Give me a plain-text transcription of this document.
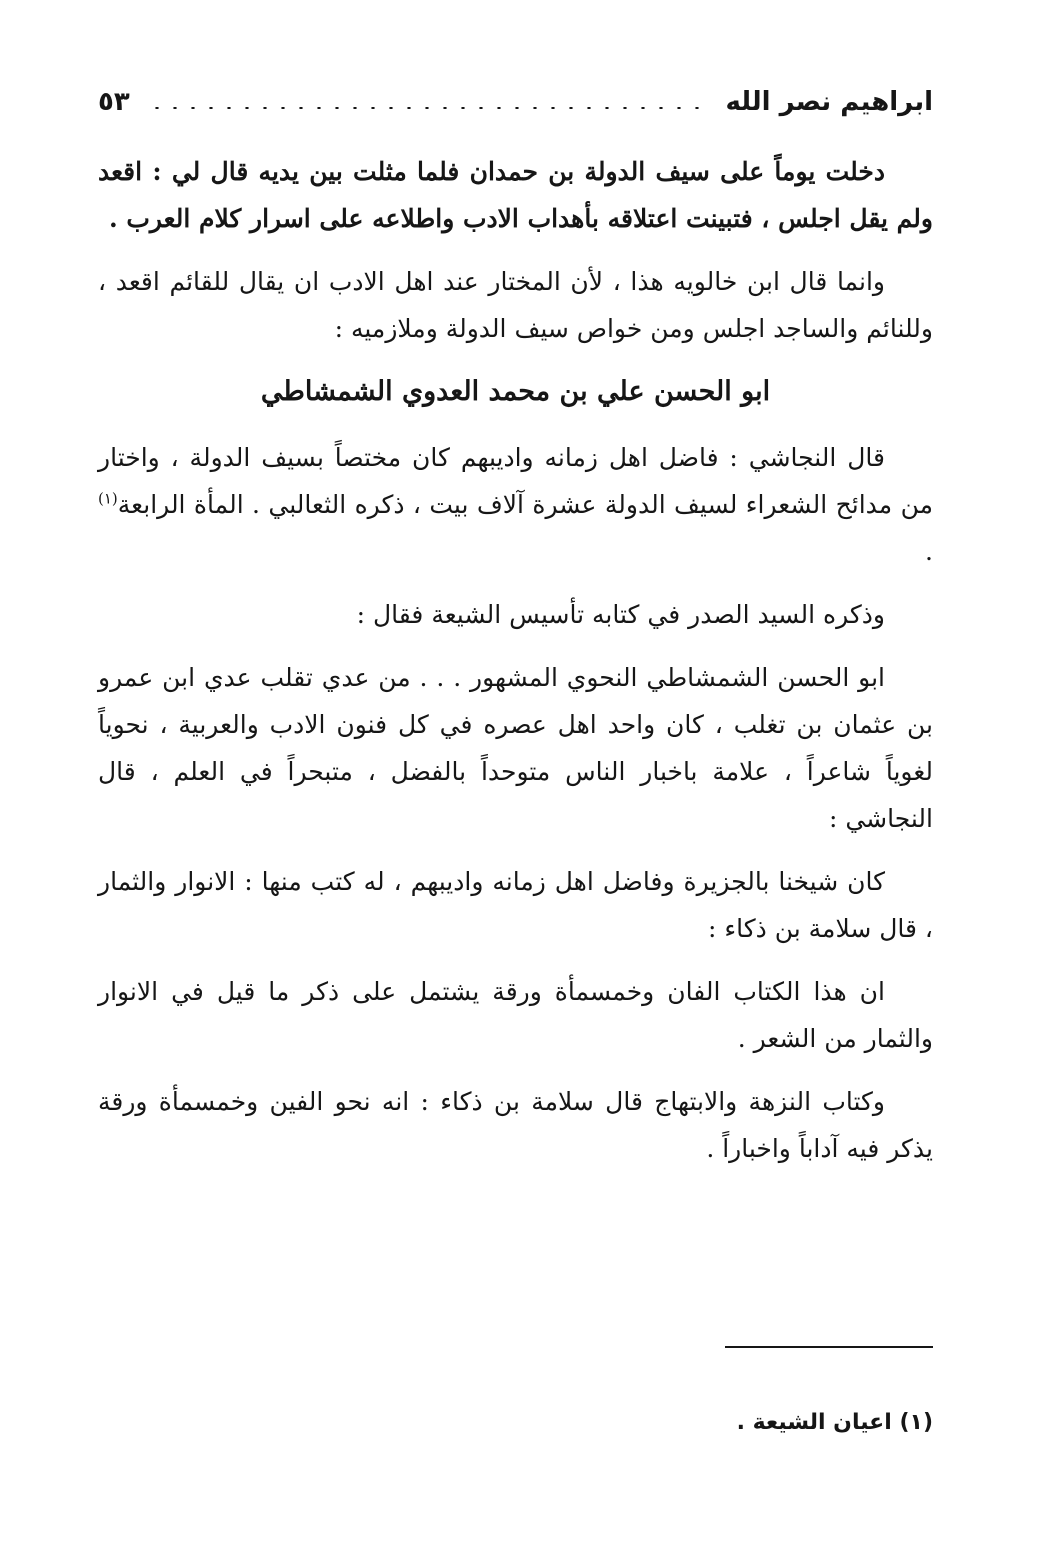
ابراهيم نصر الله
٥٣

دخلت يوماً على سيف الدولة بن حمدان فلما مثلت بين يديه قال لي : اقعد ولم يقل اجلس ، فتبينت اعتلاقه بأهداب الادب واطلاعه على اسرار كلام العرب .

وانما قال ابن خالويه هذا ، لأن المختار عند اهل الادب ان يقال للقائم اقعد ، وللنائم والساجد اجلس ومن خواص سيف الدولة وملازميه :

ابو الحسن علي بن محمد العدوي الشمشاطي

قال النجاشي : فاضل اهل زمانه واديبهم كان مختصاً بسيف الدولة ، واختار من مدائح الشعراء لسيف الدولة عشرة آلاف بيت ، ذكره الثعالبي . المأة الرابعة$^{(١)}$ .

وذكره السيد الصدر في كتابه تأسيس الشيعة فقال :

ابو الحسن الشمشاطي النحوي المشهور . . . من عدي تقلب عدي ابن عمرو بن عثمان بن تغلب ، كان واحد اهل عصره في كل فنون الادب والعربية ، نحوياً لغوياً شاعراً ، علامة باخبار الناس متوحداً بالفضل ، متبحراً في العلم ، قال النجاشي :

كان شيخنا بالجزيرة وفاضل اهل زمانه واديبهم ، له كتب منها : الانوار والثمار ، قال سلامة بن ذكاء :

ان هذا الكتاب الفان وخمسمأة ورقة يشتمل على ذكر ما قيل في الانوار والثمار من الشعر .

وكتاب النزهة والابتهاج قال سلامة بن ذكاء : انه نحو الفين وخمسمأة ورقة يذكر فيه آداباً واخباراً .

(١) اعيان الشيعة .
